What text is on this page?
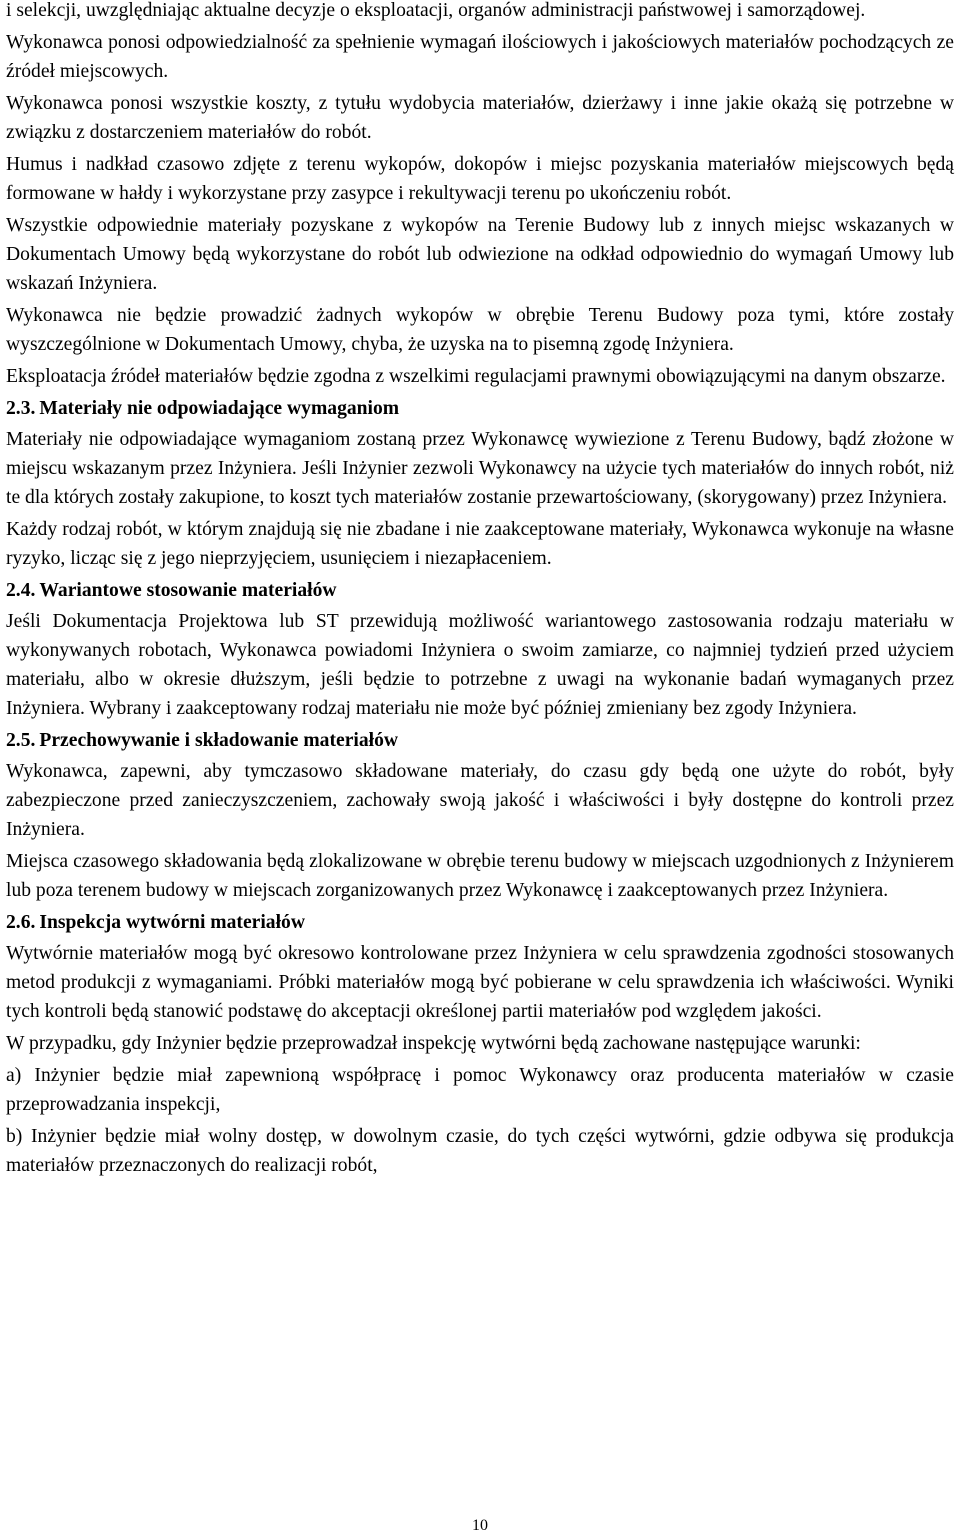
i selekcji, uwzględniając aktualne decyzje o eksploatacji, organów administracji państwowej i samorządowej.

Wykonawca ponosi odpowiedzialność za spełnienie wymagań ilościowych i jakościowych materiałów pochodzących ze źródeł miejscowych.

Wykonawca ponosi wszystkie koszty, z tytułu wydobycia materiałów, dzierżawy i inne jakie okażą się potrzebne w związku z dostarczeniem materiałów do robót.

Humus i nadkład czasowo zdjęte z terenu wykopów, dokopów i miejsc pozyskania materiałów miejscowych będą formowane w hałdy i wykorzystane przy zasypce i rekultywacji terenu po ukończeniu robót.

Wszystkie odpowiednie materiały pozyskane z wykopów na Terenie Budowy lub z innych miejsc wskazanych w Dokumentach Umowy będą wykorzystane do robót lub odwiezione na odkład odpowiednio do wymagań Umowy lub wskazań Inżyniera.

Wykonawca nie będzie prowadzić żadnych wykopów w obrębie Terenu Budowy poza tymi, które zostały wyszczególnione w Dokumentach Umowy, chyba, że uzyska na to pisemną zgodę Inżyniera.

Eksploatacja źródeł materiałów będzie zgodna z wszelkimi regulacjami prawnymi obowiązującymi na danym obszarze.

2.3. Materiały nie odpowiadające wymaganiom

Materiały nie odpowiadające wymaganiom zostaną przez Wykonawcę wywiezione z Terenu Budowy, bądź złożone w miejscu wskazanym przez Inżyniera. Jeśli Inżynier zezwoli Wykonawcy na użycie tych materiałów do innych robót, niż te dla których zostały zakupione, to koszt tych materiałów zostanie przewartościowany, (skorygowany) przez Inżyniera.

Każdy rodzaj robót, w którym znajdują się nie zbadane i nie zaakceptowane materiały, Wykonawca wykonuje na własne ryzyko, licząc się z jego nieprzyjęciem, usunięciem i niezapłaceniem.

2.4. Wariantowe stosowanie materiałów

Jeśli Dokumentacja Projektowa lub ST przewidują możliwość wariantowego zastosowania rodzaju materiału w wykonywanych robotach, Wykonawca powiadomi Inżyniera o swoim zamiarze, co najmniej tydzień przed użyciem materiału, albo w okresie dłuższym, jeśli będzie to potrzebne z uwagi na wykonanie badań wymaganych przez Inżyniera. Wybrany i zaakceptowany rodzaj materiału nie może być później zmieniany bez zgody Inżyniera.

2.5. Przechowywanie i składowanie materiałów

Wykonawca, zapewni, aby tymczasowo składowane materiały, do czasu gdy będą one użyte do robót, były zabezpieczone przed zanieczyszczeniem, zachowały swoją jakość i właściwości i były dostępne do kontroli przez Inżyniera.

Miejsca czasowego składowania będą zlokalizowane w obrębie terenu budowy w miejscach uzgodnionych z Inżynierem lub poza terenem budowy w miejscach zorganizowanych przez Wykonawcę i zaakceptowanych przez Inżyniera.

2.6. Inspekcja wytwórni materiałów

Wytwórnie materiałów mogą być okresowo kontrolowane przez Inżyniera w celu sprawdzenia zgodności stosowanych metod produkcji z wymaganiami. Próbki materiałów mogą być pobierane w celu sprawdzenia ich właściwości. Wyniki tych kontroli będą stanowić podstawę do akceptacji określonej partii materiałów pod względem jakości.

W przypadku, gdy Inżynier będzie przeprowadzał inspekcję wytwórni będą zachowane następujące warunki:

a) Inżynier będzie miał zapewnioną współpracę i pomoc Wykonawcy oraz producenta materiałów w czasie przeprowadzania inspekcji,

b) Inżynier będzie miał wolny dostęp, w dowolnym czasie, do tych części wytwórni, gdzie odbywa się produkcja materiałów przeznaczonych do realizacji robót,

10
